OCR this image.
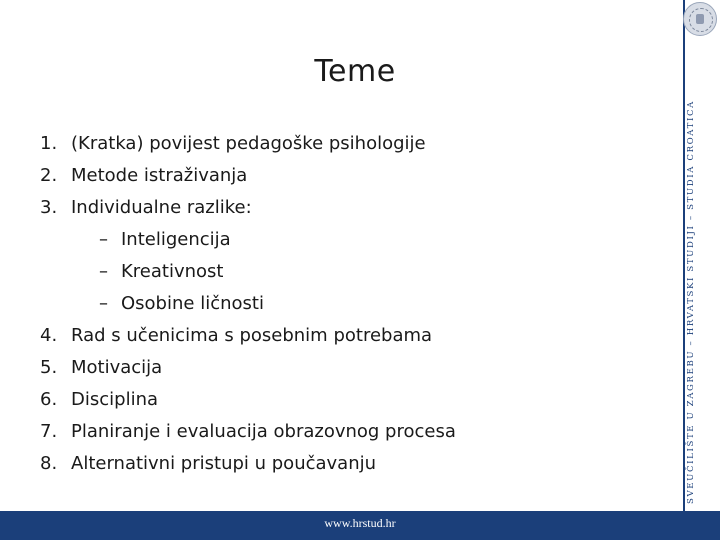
Teme
1. (Kratka) povijest pedagoške psihologije
2. Metode istraživanja
3. Individualne razlike:
– Inteligencija
– Kreativnost
– Osobine ličnosti
4. Rad s učenicima s posebnim potrebama
5. Motivacija
6. Disciplina
7. Planiranje i evaluacija obrazovnog procesa
8. Alternativni pristupi u poučavanju	SVEUČILIŠTE U ZAGREBU – HRVATSKI STUDIJI – STUDIA CROATICA
www.hrstud.hr
